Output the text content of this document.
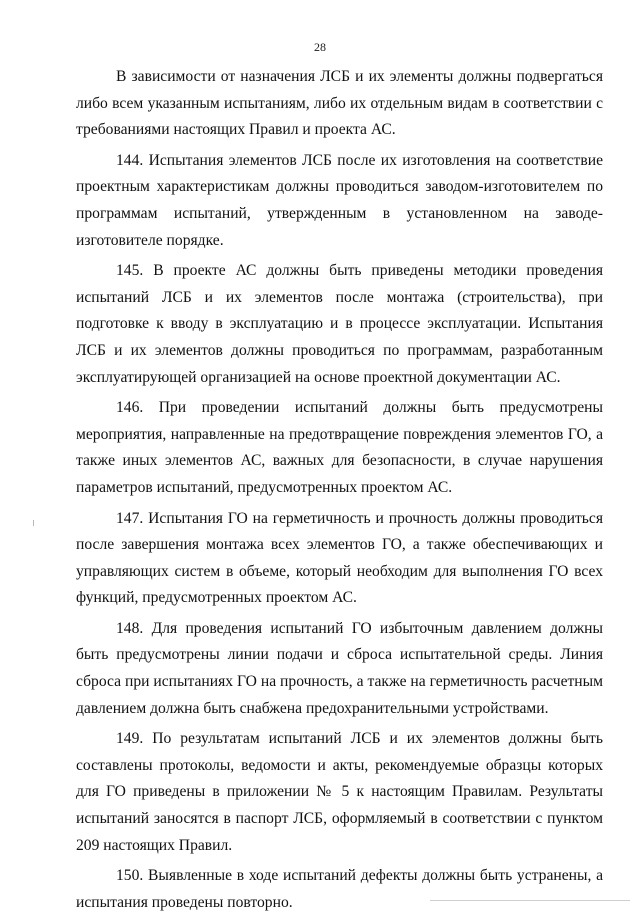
28

В зависимости от назначения ЛСБ и их элементы должны подвергаться либо всем указанным испытаниям, либо их отдельным видам в соответствии с требованиями настоящих Правил и проекта АС.

144. Испытания элементов ЛСБ после их изготовления на соответствие проектным характеристикам должны проводиться заводом-изготовителем по программам испытаний, утвержденным в установленном на заводе-изготовителе порядке.

145. В проекте АС должны быть приведены методики проведения испытаний ЛСБ и их элементов после монтажа (строительства), при подготовке к вводу в эксплуатацию и в процессе эксплуатации. Испытания ЛСБ и их элементов должны проводиться по программам, разработанным эксплуатирующей организацией на основе проектной документации АС.

146. При проведении испытаний должны быть предусмотрены мероприятия, направленные на предотвращение повреждения элементов ГО, а также иных элементов АС, важных для безопасности, в случае нарушения параметров испытаний, предусмотренных проектом АС.

147. Испытания ГО на герметичность и прочность должны проводиться после завершения монтажа всех элементов ГО, а также обеспечивающих и управляющих систем в объеме, который необходим для выполнения ГО всех функций, предусмотренных проектом АС.

148. Для проведения испытаний ГО избыточным давлением должны быть предусмотрены линии подачи и сброса испытательной среды. Линия сброса при испытаниях ГО на прочность, а также на герметичность расчетным давлением должна быть снабжена предохранительными устройствами.

149. По результатам испытаний ЛСБ и их элементов должны быть составлены протоколы, ведомости и акты, рекомендуемые образцы которых для ГО приведены в приложении № 5 к настоящим Правилам. Результаты испытаний заносятся в паспорт ЛСБ, оформляемый в соответствии с пунктом 209 настоящих Правил.

150. Выявленные в ходе испытаний дефекты должны быть устранены, а испытания проведены повторно.
